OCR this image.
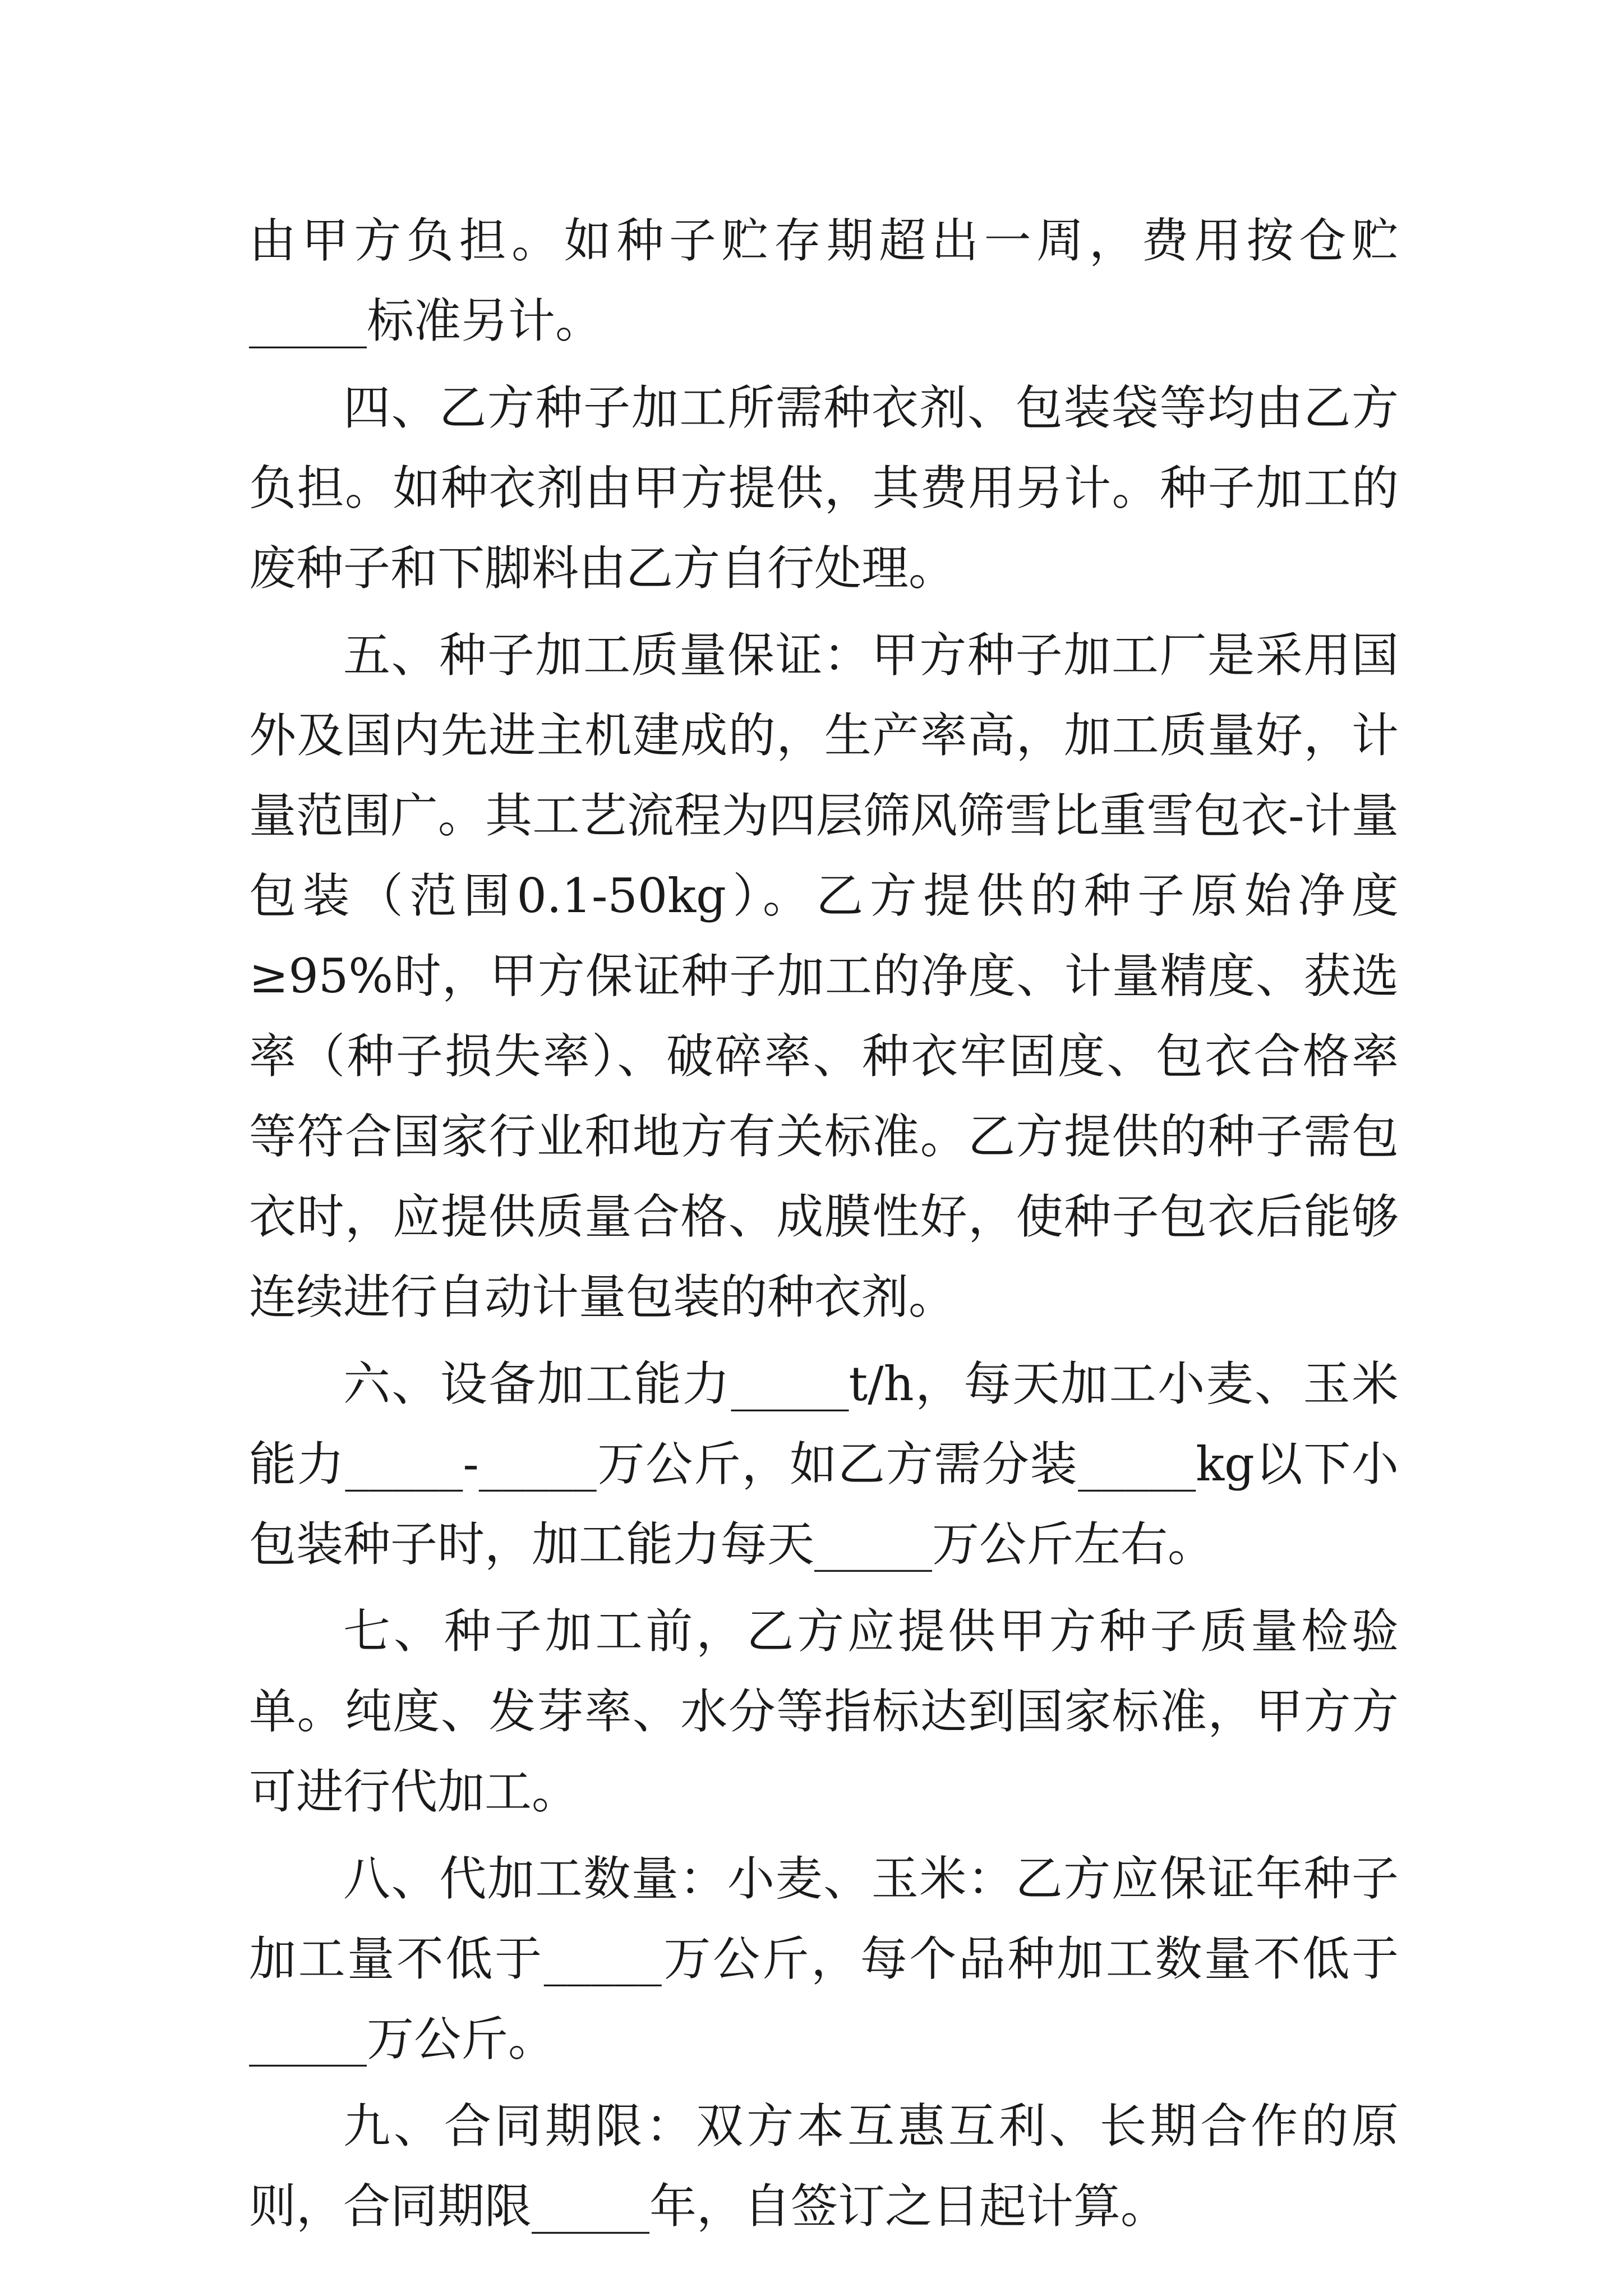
由甲方负担。如种子贮存期超出一周，费用按仓贮_____标准另计。

四、乙方种子加工所需种衣剂、包装袋等均由乙方负担。如种衣剂由甲方提供，其费用另计。种子加工的废种子和下脚料由乙方自行处理。

五、种子加工质量保证：甲方种子加工厂是采用国外及国内先进主机建成的，生产率高，加工质量好，计量范围广。其工艺流程为四层筛风筛雪比重雪包衣-计量包装（范围0.1-50kg）。乙方提供的种子原始净度≥95%时，甲方保证种子加工的净度、计量精度、获选率（种子损失率）、破碎率、种衣牢固度、包衣合格率等符合国家行业和地方有关标准。乙方提供的种子需包衣时，应提供质量合格、成膜性好，使种子包衣后能够连续进行自动计量包装的种衣剂。

六、设备加工能力_____t/h，每天加工小麦、玉米能力_____-_____万公斤，如乙方需分装_____kg以下小包装种子时，加工能力每天_____万公斤左右。

七、种子加工前，乙方应提供甲方种子质量检验单。纯度、发芽率、水分等指标达到国家标准，甲方方可进行代加工。

八、代加工数量：小麦、玉米：乙方应保证年种子加工量不低于_____万公斤，每个品种加工数量不低于_____万公斤。

九、合同期限：双方本互惠互利、长期合作的原则，合同期限_____年，自签订之日起计算。
